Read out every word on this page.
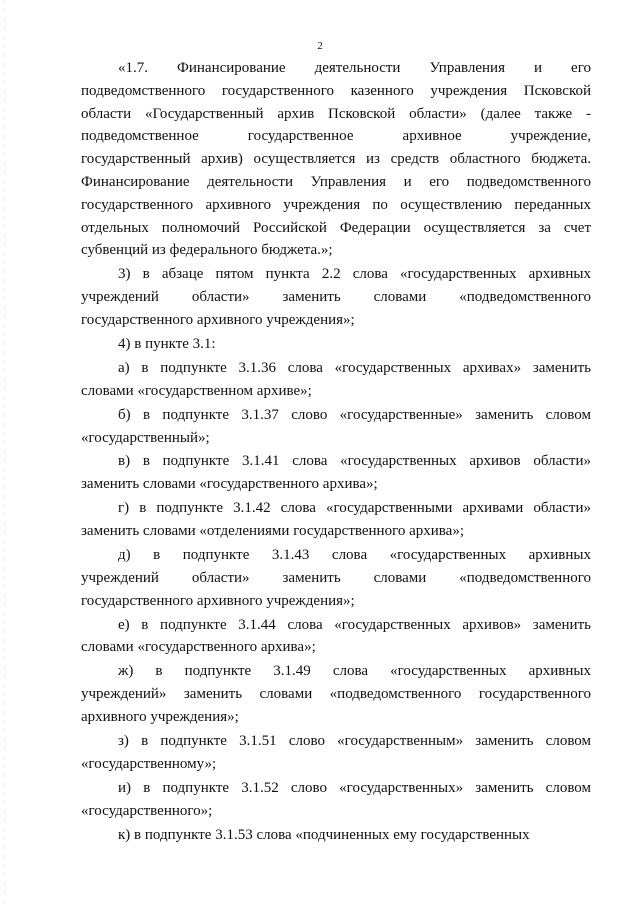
2
«1.7. Финансирование деятельности Управления и его
подведомственного государственного казенного учреждения Псковской
области «Государственный архив Псковской области» (далее также -
подведомственное государственное архивное учреждение,
государственный архив) осуществляется из средств областного бюджета.
Финансирование деятельности Управления и его подведомственного
государственного архивного учреждения по осуществлению переданных
отдельных полномочий Российской Федерации осуществляется за счет
субвенций из федерального бюджета.»;
3) в абзаце пятом пункта 2.2 слова «государственных архивных
учреждений области» заменить словами «подведомственного
государственного архивного учреждения»;
4) в пункте 3.1:
а) в подпункте 3.1.36 слова «государственных архивах» заменить
словами «государственном архиве»;
б) в подпункте 3.1.37 слово «государственные» заменить словом
«государственный»;
в) в подпункте 3.1.41 слова «государственных архивов области»
заменить словами «государственного архива»;
г) в подпункте 3.1.42 слова «государственными архивами области»
заменить словами «отделениями государственного архива»;
д) в подпункте 3.1.43 слова «государственных архивных
учреждений области» заменить словами «подведомственного
государственного архивного учреждения»;
е) в подпункте 3.1.44 слова «государственных архивов» заменить
словами «государственного архива»;
ж) в подпункте 3.1.49 слова «государственных архивных
учреждений» заменить словами «подведомственного государственного
архивного учреждения»;
з) в подпункте 3.1.51 слово «государственным» заменить словом
«государственному»;
и) в подпункте 3.1.52 слово «государственных» заменить словом
«государственного»;
к) в подпункте 3.1.53 слова «подчиненных ему государственных
